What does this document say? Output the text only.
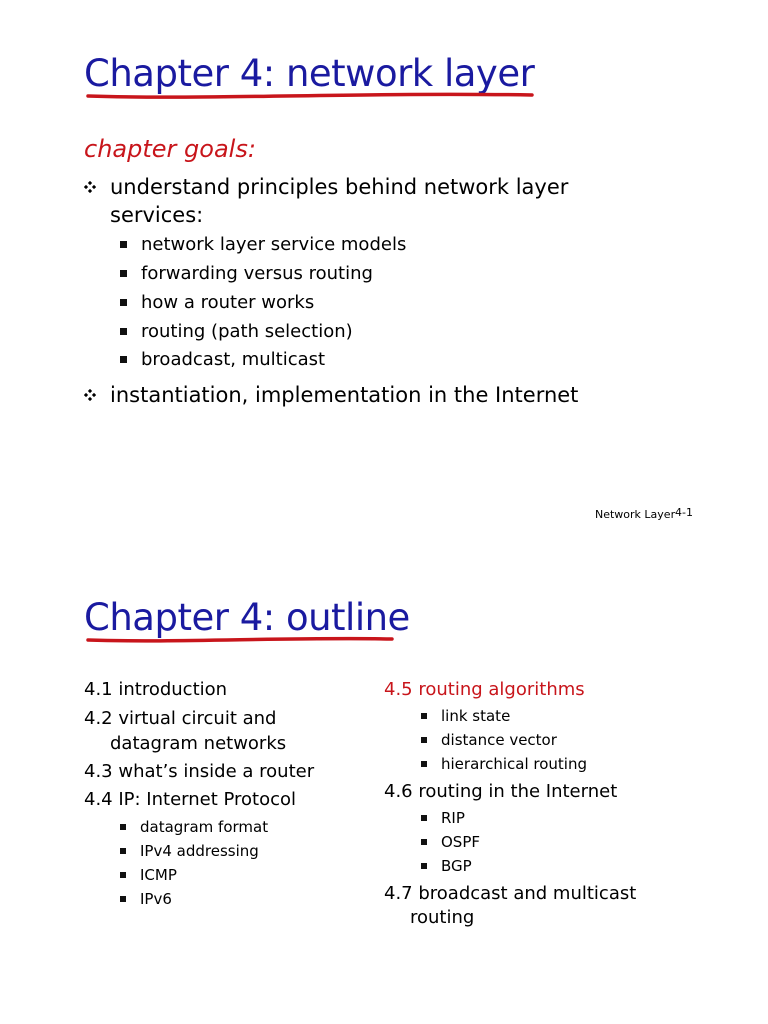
Chapter 4: network layer
chapter goals:
understand principles behind network layer
services:
network layer service models
forwarding versus routing
how a router works
routing (path selection)
broadcast, multicast
instantiation, implementation in the Internet
Network Layer 4-1
Chapter 4: outline
4.1 introduction
4.2 virtual circuit and
datagram networks
4.3 what’s inside a router
4.4 IP: Internet Protocol
datagram format
IPv4 addressing
ICMP
IPv6
4.5 routing algorithms
link state
distance vector
hierarchical routing
4.6 routing in the Internet
RIP
OSPF
BGP
4.7 broadcast and multicast
routing
